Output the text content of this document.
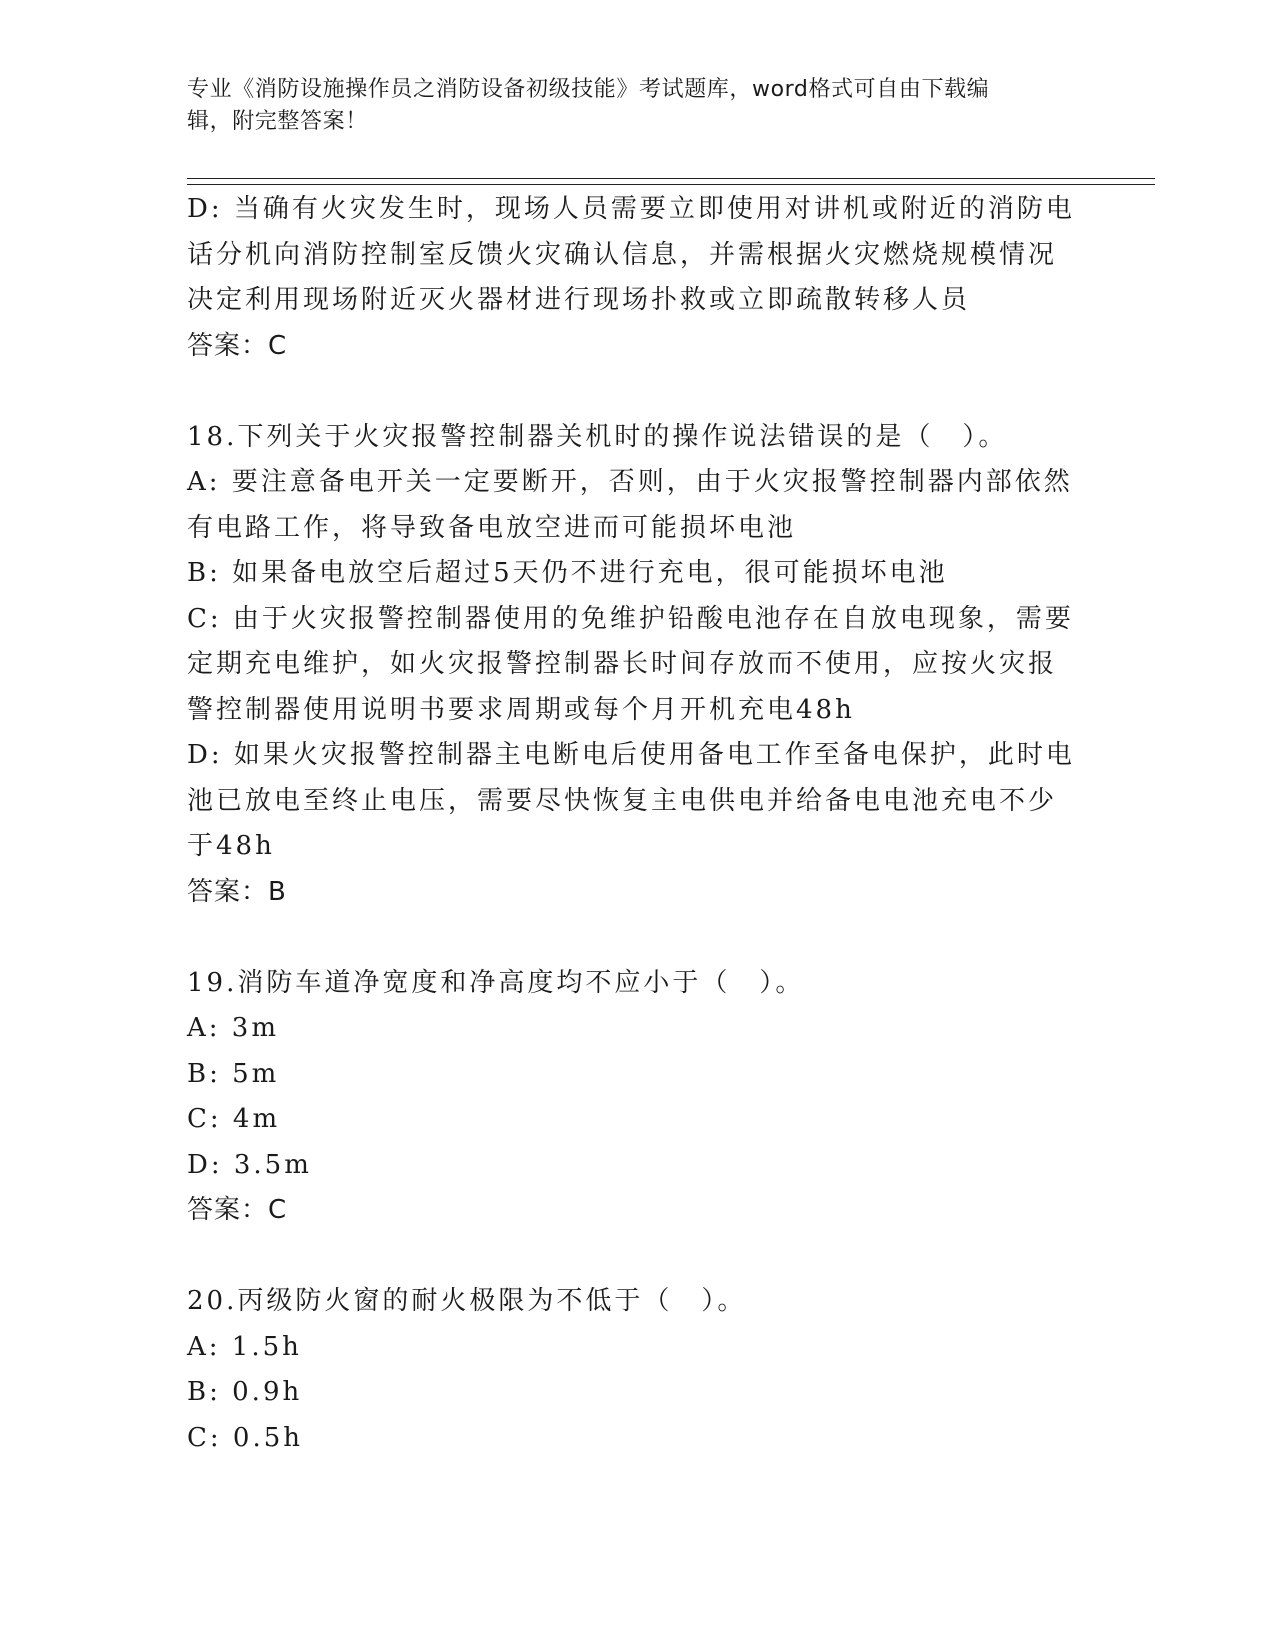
专业《消防设施操作员之消防设备初级技能》考试题库，word格式可自由下载编
辑，附完整答案！
D: 当确有火灾发生时，现场人员需要立即使用对讲机或附近的消防电
话分机向消防控制室反馈火灾确认信息，并需根据火灾燃烧规模情况
决定利用现场附近灭火器材进行现场扑救或立即疏散转移人员
答案：C
18.下列关于火灾报警控制器关机时的操作说法错误的是（　）。
A: 要注意备电开关一定要断开，否则，由于火灾报警控制器内部依然
有电路工作，将导致备电放空进而可能损坏电池
B: 如果备电放空后超过5天仍不进行充电，很可能损坏电池
C: 由于火灾报警控制器使用的免维护铅酸电池存在自放电现象，需要
定期充电维护，如火灾报警控制器长时间存放而不使用，应按火灾报
警控制器使用说明书要求周期或每个月开机充电48h
D: 如果火灾报警控制器主电断电后使用备电工作至备电保护，此时电
池已放电至终止电压，需要尽快恢复主电供电并给备电电池充电不少
于48h
答案：B
19.消防车道净宽度和净高度均不应小于（　）。
A: 3m
B: 5m
C: 4m
D: 3.5m
答案：C
20.丙级防火窗的耐火极限为不低于（　）。
A: 1.5h
B: 0.9h
C: 0.5h
